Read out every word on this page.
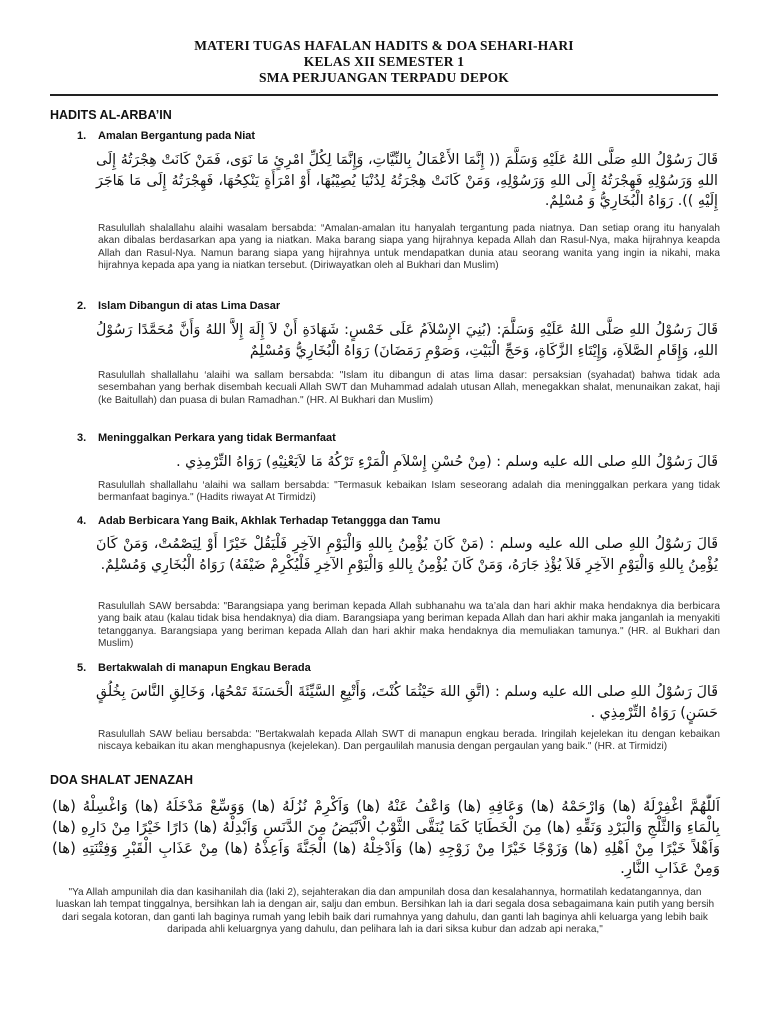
MATERI TUGAS HAFALAN HADITS & DOA SEHARI-HARI
KELAS XII SEMESTER 1
SMA PERJUANGAN TERPADU DEPOK
HADITS AL-ARBA’IN
1. Amalan Bergantung pada Niat
قَالَ رَسُوْلُ اللهِ صَلَّى اللهُ عَلَيْهِ وَسَلَّمَ (( إِنَّمَا الأَعْمَالُ بِالنِّيَّاتِ، وَإِنَّمَا لِكُلِّ امْرِئٍ مَا نَوَى، فَمَنْ كَانَتْ هِجْرَتُهُ إِلَى اللهِ وَرَسُوْلِهِ فَهِجْرَتُهُ إِلَى اللهِ وَرَسُوْلِهِ، وَمَنْ كَانَتْ هِجْرَتُهُ لِدُنْيَا يُصِيْبُهَا، أَوْ امْرَأَةٍ يَنْكِحُهَا، فَهِجْرَتُهُ إِلَى مَا هَاجَرَ إِلَيْهِ )). رَوَاهُ الْبُخَارِيُّ وَ مُسْلِمٌ.
Rasulullah shalallahu alaihi wasalam bersabda: “Amalan-amalan itu hanyalah tergantung pada niatnya. Dan setiap orang itu hanyalah akan dibalas berdasarkan apa yang ia niatkan. Maka barang siapa yang hijrahnya kepada Allah dan Rasul-Nya, maka hijrahnya keapda Allah dan Rasul-Nya. Namun barang siapa yang hijrahnya untuk mendapatkan dunia atau seorang wanita yang ingin ia nikahi, maka hijrahnya kepada apa yang ia niatkan tersebut. (Diriwayatkan oleh al Bukhari dan Muslim)
2. Islam Dibangun di atas Lima Dasar
قَالَ رَسُوْلُ اللهِ صَلَّى اللهُ عَلَيْهِ وَسَلَّمَ: (بُنِيَ الإِسْلاَمُ عَلَى خَمْسٍ: شَهَادَةِ أَنْ لاَ إِلَهَ إِلاَّ اللهُ وَأَنَّ مُحَمَّدًا رَسُوْلُ اللهِ، وَإِقَامِ الصَّلاَةِ، وَإِيْتَاءِ الزَّكَاةِ، وَحَجِّ الْبَيْتِ، وَصَوْمِ رَمَضَانَ) رَوَاهُ الْبُخَارِيُّ وَمُسْلِمٌ
Rasulullah shallallahu ‘alaihi wa sallam bersabda: "Islam itu dibangun di atas lima dasar: persaksian (syahadat) bahwa tidak ada sesembahan yang berhak disembah kecuali Allah SWT dan Muhammad adalah utusan Allah, menegakkan shalat, menunaikan zakat, haji (ke Baitullah) dan puasa di bulan Ramadhan." (HR. Al Bukhari dan Muslim)
3. Meninggalkan Perkara yang tidak Bermanfaat
قَالَ رَسُوْلُ اللهِ صلى الله عليه وسلم : (مِنْ حُسْنِ إِسْلاَمِ الْمَرْءِ تَرْكُهُ مَا لاَيَعْنِيْهِ) رَوَاهُ التِّرْمِذِي .
Rasulullah shallallahu ‘alaihi wa sallam bersabda: "Termasuk kebaikan Islam seseorang adalah dia meninggalkan perkara yang tidak bermanfaat baginya." (Hadits riwayat At Tirmidzi)
4. Adab Berbicara Yang Baik, Akhlak Terhadap Tetanggga dan Tamu
قَالَ رَسُوْلُ اللهِ صلى الله عليه وسلم : (مَنْ كَانَ يُؤْمِنُ بِاللهِ وَالْيَوْمِ الآخِرِ فَلْيَقُلْ خَيْرًا أَوْ لِيَصْمُتْ، وَمَنْ كَانَ يُؤْمِنُ بِاللهِ وَالْيَوْمِ الآخِرِ فَلاَ يُؤْذِ جَارَهُ، وَمَنْ كَانَ يُؤْمِنُ بِاللهِ وَالْيَوْمِ الآخِرِ فَلْيُكْرِمْ ضَيْفَهُ) رَوَاهُ الْبُخَارِي وَمُسْلِمٌ.
Rasulullah SAW bersabda: "Barangsiapa yang beriman kepada Allah subhanahu wa ta’ala dan hari akhir maka hendaknya dia berbicara yang baik atau (kalau tidak bisa hendaknya) dia diam. Barangsiapa yang beriman kepada Allah dan hari akhir maka janganlah ia menyakiti tetangganya. Barangsiapa yang beriman kepada Allah dan hari akhir maka hendaknya dia memuliakan tamunya." (HR. al Bukhari dan Muslim)
5. Bertakwalah di manapun Engkau Berada
قَالَ رَسُوْلُ اللهِ صلى الله عليه وسلم : (اتَّقِ اللهَ حَيْثُمَا كُنْتَ، وَأَتْبِعِ السَّيِّئَةَ الْحَسَنَةَ تَمْحُهَا، وَخَالِقِ النَّاسَ بِخُلُقٍ حَسَنٍ) رَوَاهُ التِّرْمِذِي .
Rasulullah SAW beliau bersabda: "Bertakwalah kepada Allah SWT di manapun engkau berada. Iringilah kejelekan itu dengan kebaikan niscaya kebaikan itu akan menghapusnya (kejelekan). Dan pergaulilah manusia dengan pergaulan yang baik." (HR. at Tirmidzi)
DOA SHALAT JENAZAH
اَللّٰهُمَّ اغْفِرْلَهُ (ها) وَارْحَمْهُ (ها) وَعَافِهِ (ها) وَاعْفُ عَنْهُ (ها) وَاَكْرِمْ نُزُلَهُ (ها) وَوَسِّعْ مَدْخَلَهُ (ها) وَاغْسِلْهُ (ها) بِالْمَاءِ وَالثَّلْجِ وَالْبَرْدِ وَنَقِّهِ (ها) مِنَ الْخَطَايَا كَمَا يُنَقَّى الثَّوْبُ الْاَبْيَضُ مِنَ الدَّنَسِ وَاَبْدِلْهُ (ها) دَارًا خَيْرًا مِنْ دَارِهِ (ها) وَاَهْلاً خَيْرًا مِنْ اَهْلِهِ (ها) وَزَوْجًا خَيْرًا مِنْ زَوْجِهِ (ها) وَاَدْخِلْهُ (ها) الْجَنَّةَ وَاَعِذْهُ (ها) مِنْ عَذَابِ الْقَبْرِ وَفِتْنَتِهِ (ها) وَمِنْ عَذَابِ النَّارِ.
"Ya Allah ampunilah dia dan kasihanilah dia (laki 2), sejahterakan dia dan ampunilah dosa dan kesalahannya, hormatilah kedatangannya, dan luaskan lah tempat tinggalnya, bersihkan lah ia dengan air, salju dan embun. Bersihkan lah ia dari segala dosa sebagaimana kain putih yang bersih dari segala kotoran, dan ganti lah baginya rumah yang lebih baik dari rumahnya yang dahulu, dan ganti lah baginya ahli keluarga yang lebih baik daripada ahli keluargnya yang dahulu, dan pelihara lah ia dari siksa kubur dan adzab api neraka,"
